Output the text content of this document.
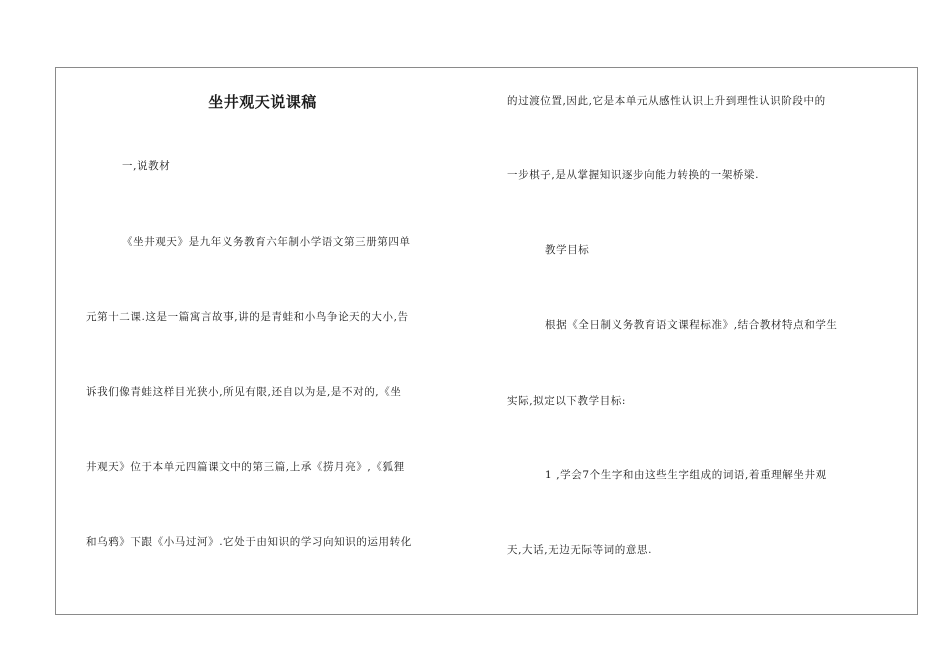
坐井观天说课稿
一,说教材
《坐井观天》是九年义务教育六年制小学语文第三册第四单
元第十二课.这是一篇寓言故事,讲的是青蛙和小鸟争论天的大小,告
诉我们像青蛙这样目光狭小,所见有限,还自以为是,是不对的,《坐
井观天》位于本单元四篇课文中的第三篇,上承《捞月亮》,《狐狸
和乌鸦》下跟《小马过河》.它处于由知识的学习向知识的运用转化
的过渡位置,因此,它是本单元从感性认识上升到理性认识阶段中的
一步棋子,是从掌握知识逐步向能力转换的一架桥梁.
教学目标
根据《全日制义务教育语文课程标准》,结合教材特点和学生
实际,拟定以下教学目标:
1 ,学会7个生字和由这些生字组成的词语,着重理解坐井观
天,大话,无边无际等词的意思.
